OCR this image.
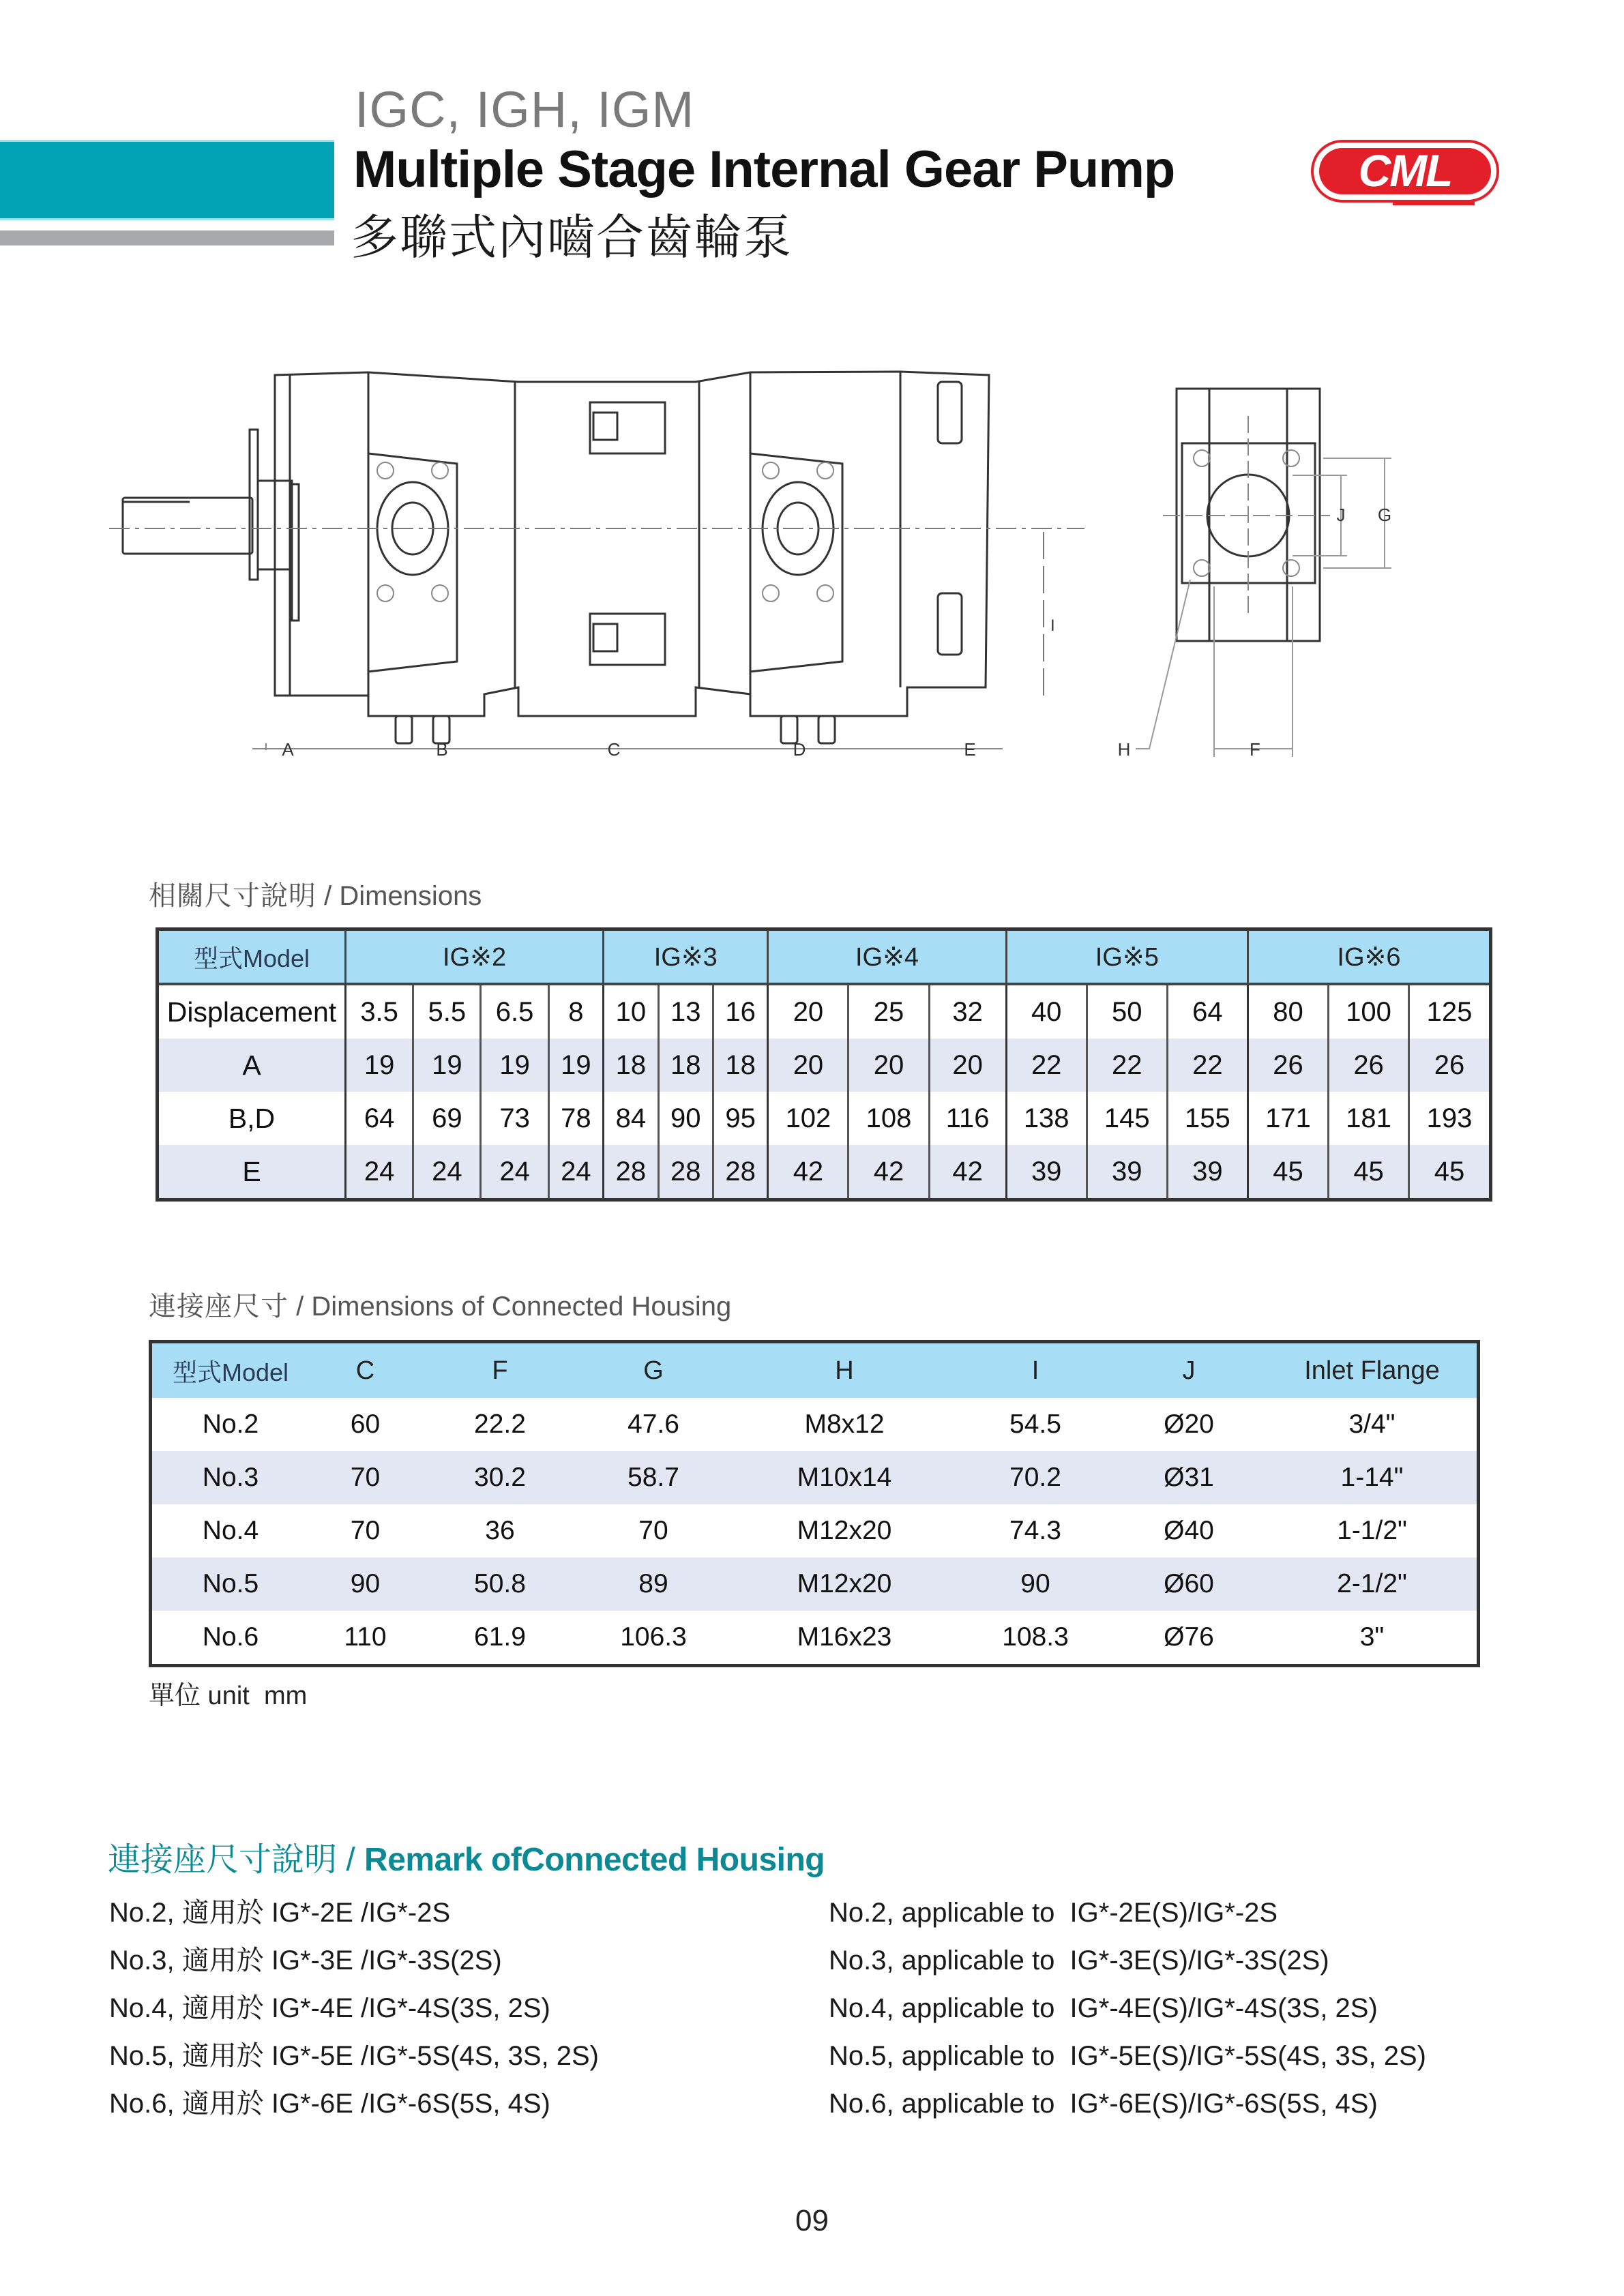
IGC, IGH, IGM
Multiple Stage Internal Gear Pump
多聯式內嚙合齒輪泵
CML
I
A	B	C	D	E
J G
F
H
相關尺寸說明 / Dimensions
型式Model	IG※2				IG※3			IG※4			IG※5			IG※6		
Displacement	3.5	5.5	6.5	8	10	13	16	20	25	32	40	50	64	80	100	125
A	19	19	19	19	18	18	18	20	20	20	22	22	22	26	26	26
B,D	64	69	73	78	84	90	95	102	108	116	138	145	155	171	181	193
E	24	24	24	24	28	28	28	42	42	42	39	39	39	45	45	45
連接座尺寸 / Dimensions of Connected Housing
型式Model	C	F	G	H	I	J	Inlet Flange
No.2	60	22.2	47.6	M8x12	54.5	Ø20	3/4"
No.3	70	30.2	58.7	M10x14	70.2	Ø31	1-14"
No.4	70	36	70	M12x20	74.3	Ø40	1-1/2"
No.5	90	50.8	89	M12x20	90	Ø60	2-1/2"
No.6	110	61.9	106.3	M16x23	108.3	Ø76	3"
單位 unit  mm
連接座尺寸說明 / Remark ofConnected Housing
No.2, 適用於 IG*-2E /IG*-2S
No.3, 適用於 IG*-3E /IG*-3S(2S)
No.4, 適用於 IG*-4E /IG*-4S(3S, 2S)
No.5, 適用於 IG*-5E /IG*-5S(4S, 3S, 2S)
No.6, 適用於 IG*-6E /IG*-6S(5S, 4S)
No.2, applicable to  IG*-2E(S)/IG*-2S
No.3, applicable to  IG*-3E(S)/IG*-3S(2S)
No.4, applicable to  IG*-4E(S)/IG*-4S(3S, 2S)
No.5, applicable to  IG*-5E(S)/IG*-5S(4S, 3S, 2S)
No.6, applicable to  IG*-6E(S)/IG*-6S(5S, 4S)
09
